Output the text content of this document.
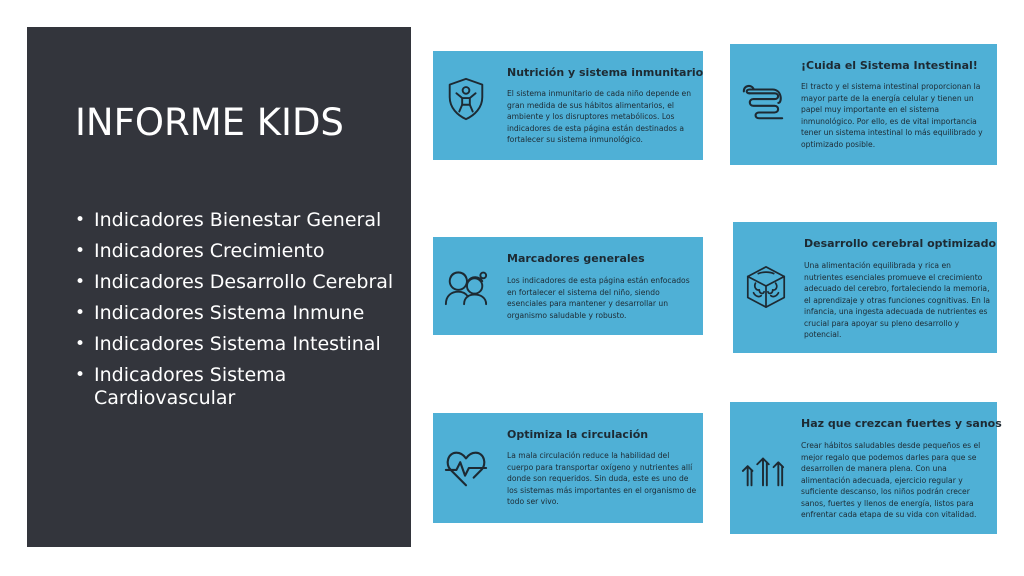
INFORME KIDS
• Indicadores Bienestar General
• Indicadores Crecimiento
• Indicadores Desarrollo Cerebral
• Indicadores Sistema Inmune
• Indicadores Sistema Intestinal
• Indicadores Sistema Cardiovascular
Nutrición y sistema inmunitario
El sistema inmunitario de cada niño depende en gran medida de sus hábitos alimentarios, el ambiente y los disruptores metabólicos. Los indicadores de esta página están destinados a fortalecer su sistema inmunológico.
¡Cuida el Sistema Intestinal!
El tracto y el sistema intestinal proporcionan la mayor parte de la energía celular y tienen un papel muy importante en el sistema inmunológico. Por ello, es de vital importancia tener un sistema intestinal lo más equilibrado y optimizado posible.
Marcadores generales
Los indicadores de esta página están enfocados en fortalecer el sistema del niño, siendo esenciales para mantener y desarrollar un organismo saludable y robusto.
Desarrollo cerebral optimizado
Una alimentación equilibrada y rica en nutrientes esenciales promueve el crecimiento adecuado del cerebro, fortaleciendo la memoria, el aprendizaje y otras funciones cognitivas. En la infancia, una ingesta adecuada de nutrientes es crucial para apoyar su pleno desarrollo y potencial.
Optimiza la circulación
La mala circulación reduce la habilidad del cuerpo para transportar oxígeno y nutrientes allí donde son requeridos. Sin duda, este es uno de los sistemas más importantes en el organismo de todo ser vivo.
Haz que crezcan fuertes y sanos
Crear hábitos saludables desde pequeños es el mejor regalo que podemos darles para que se desarrollen de manera plena. Con una alimentación adecuada, ejercicio regular y suficiente descanso, los niños podrán crecer sanos, fuertes y llenos de energía, listos para enfrentar cada etapa de su vida con vitalidad.
